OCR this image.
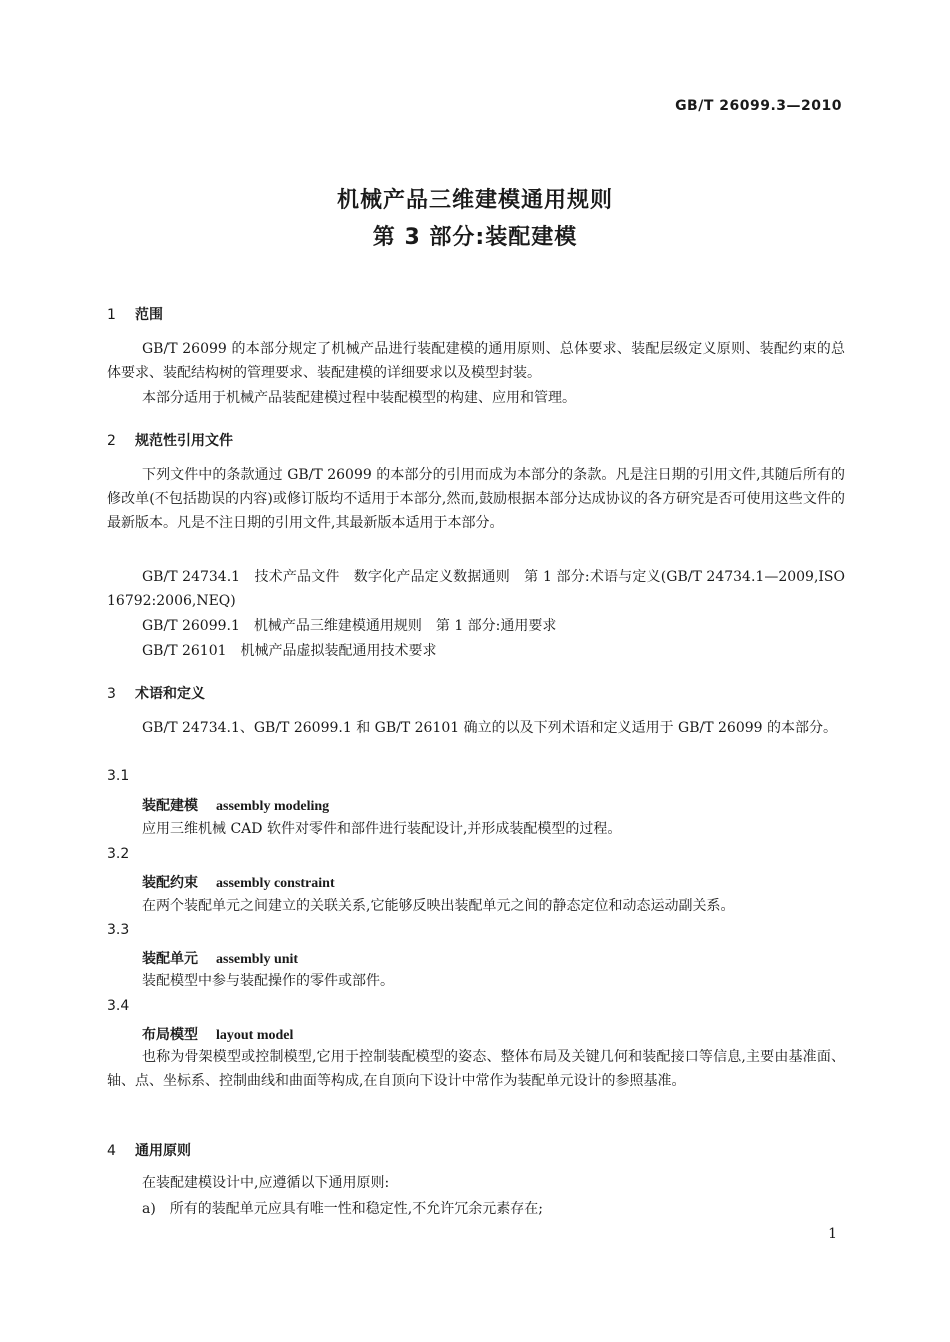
GB/T 26099.3—2010
机械产品三维建模通用规则
第 3 部分:装配建模
1 范围
GB/T 26099 的本部分规定了机械产品进行装配建模的通用原则、总体要求、装配层级定义原则、装配约束的总体要求、装配结构树的管理要求、装配建模的详细要求以及模型封装。
本部分适用于机械产品装配建模过程中装配模型的构建、应用和管理。
2 规范性引用文件
下列文件中的条款通过 GB/T 26099 的本部分的引用而成为本部分的条款。凡是注日期的引用文件,其随后所有的修改单(不包括勘误的内容)或修订版均不适用于本部分,然而,鼓励根据本部分达成协议的各方研究是否可使用这些文件的最新版本。凡是不注日期的引用文件,其最新版本适用于本部分。
GB/T 24734.1　技术产品文件　数字化产品定义数据通则　第 1 部分:术语与定义(GB/T 24734.1—2009,ISO 16792:2006,NEQ)
GB/T 26099.1　机械产品三维建模通用规则　第 1 部分:通用要求
GB/T 26101　机械产品虚拟装配通用技术要求
3 术语和定义
GB/T 24734.1、GB/T 26099.1 和 GB/T 26101 确立的以及下列术语和定义适用于 GB/T 26099 的本部分。
3.1
装配建模 assembly modeling
应用三维机械 CAD 软件对零件和部件进行装配设计,并形成装配模型的过程。
3.2
装配约束 assembly constraint
在两个装配单元之间建立的关联关系,它能够反映出装配单元之间的静态定位和动态运动副关系。
3.3
装配单元 assembly unit
装配模型中参与装配操作的零件或部件。
3.4
布局模型 layout model
也称为骨架模型或控制模型,它用于控制装配模型的姿态、整体布局及关键几何和装配接口等信息,主要由基准面、轴、点、坐标系、控制曲线和曲面等构成,在自顶向下设计中常作为装配单元设计的参照基准。
4 通用原则
在装配建模设计中,应遵循以下通用原则:
a)　所有的装配单元应具有唯一性和稳定性,不允许冗余元素存在;
1
